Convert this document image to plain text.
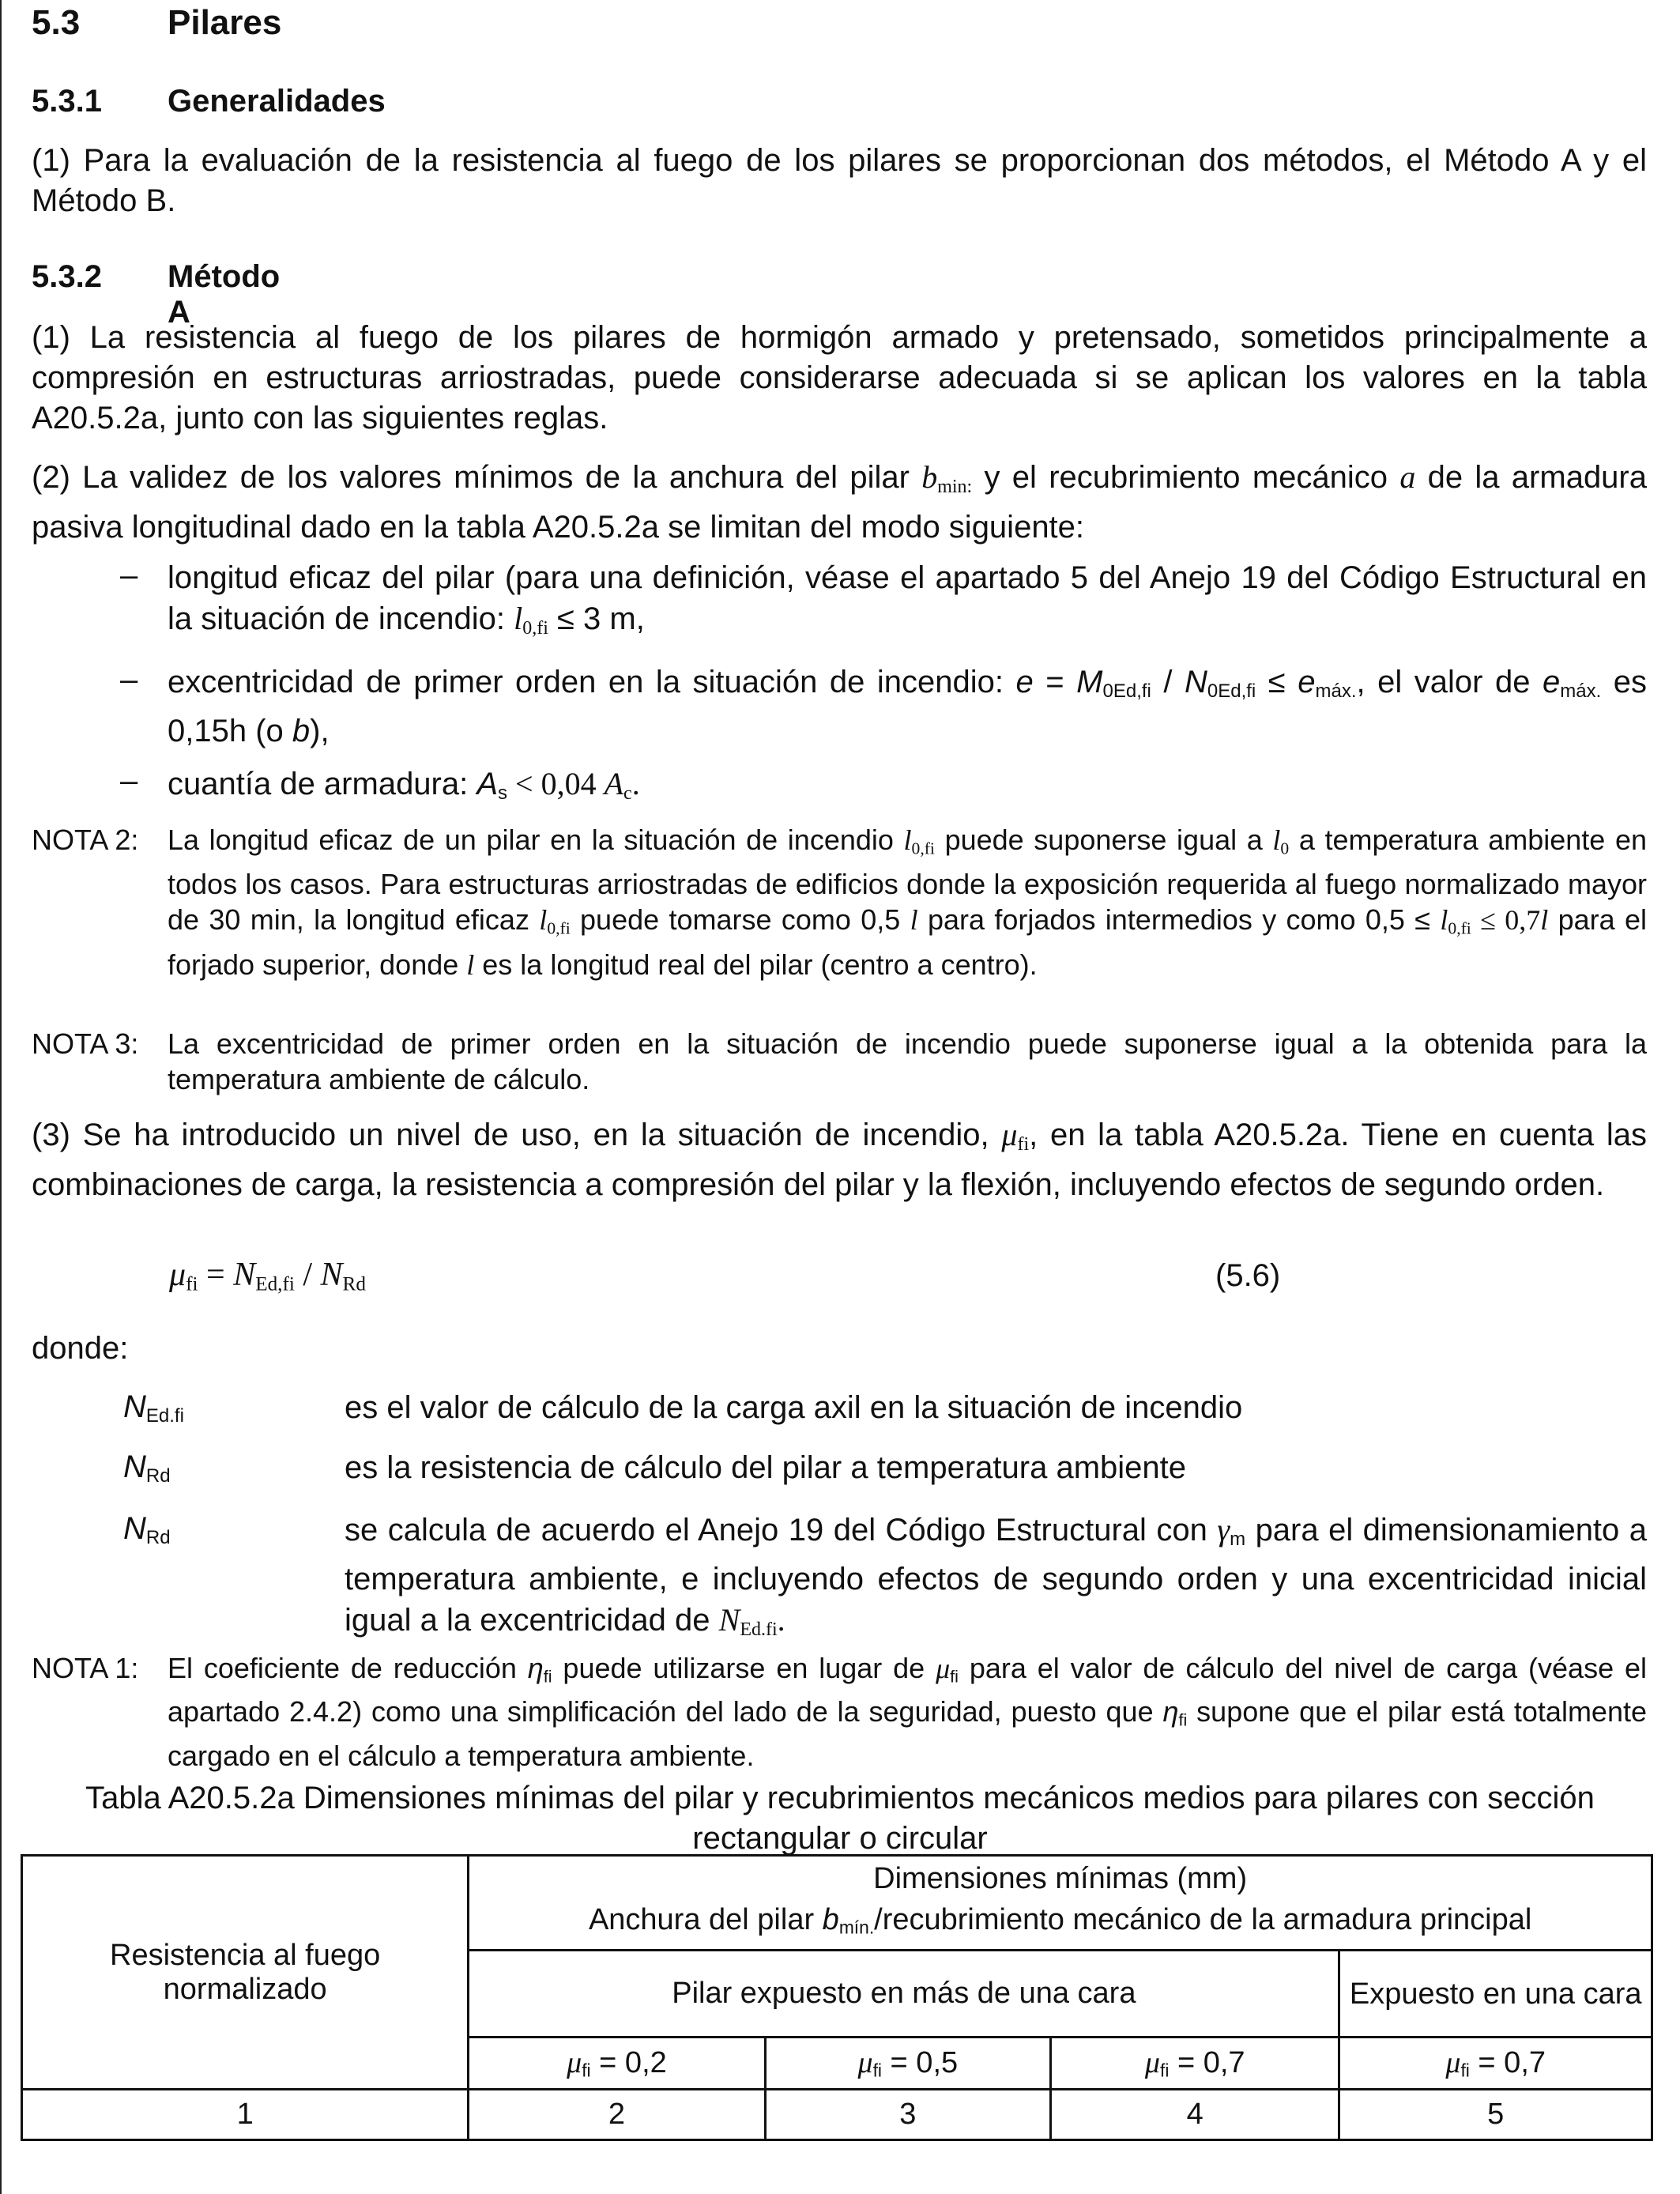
5.3	Pilares
5.3.1 Generalidades
(1) Para la evaluación de la resistencia al fuego de los pilares se proporcionan dos métodos, el Método A y el Método B.
5.3.2 Método A
(1) La resistencia al fuego de los pilares de hormigón armado y pretensado, sometidos principalmente a compresión en estructuras arriostradas, puede considerarse adecuada si se aplican los valores en la tabla A20.5.2a, junto con las siguientes reglas.
(2) La validez de los valores mínimos de la anchura del pilar $b_{min:}$ y el recubrimiento mecánico a de la armadura pasiva longitudinal dado en la tabla A20.5.2a se limitan del modo siguiente:
– longitud eficaz del pilar (para una definición, véase el apartado 5 del Anejo 19 del Código Estructural en la situación de incendio: $l_{0,fi} \le 3$ m,
– excentricidad de primer orden en la situación de incendio: $e = M_{0Ed,fi} / N_{0Ed,fi} \le e_{máx.}$, el valor de $e_{máx.}$ es 0,15h (o b),
– cuantía de armadura: $A_s < 0,04$ $A_c$.
NOTA 2: La longitud eficaz de un pilar en la situación de incendio $l_{0,fi}$ puede suponerse igual a $l_0$ a temperatura ambiente en todos los casos. Para estructuras arriostradas de edificios donde la exposición requerida al fuego normalizado mayor de 30 min, la longitud eficaz $l_{0,fi}$ puede tomarse como 0,5 l para forjados intermedios y como $0,5 \le l_{0,fi} \le 0,7l$ para el forjado superior, donde l es la longitud real del pilar (centro a centro).
NOTA 3: La excentricidad de primer orden en la situación de incendio puede suponerse igual a la obtenida para la temperatura ambiente de cálculo.
(3) Se ha introducido un nivel de uso, en la situación de incendio, $\mu_{fi}$, en la tabla A20.5.2a. Tiene en cuenta las combinaciones de carga, la resistencia a compresión del pilar y la flexión, incluyendo efectos de segundo orden.
$\mu_{fi} = N_{Ed,fi} / N_{Rd}$	(5.6)
donde:
$N_{Ed.fi}$	es el valor de cálculo de la carga axil en la situación de incendio
$N_{Rd}$	es la resistencia de cálculo del pilar a temperatura ambiente
$N_{Rd}$	se calcula de acuerdo el Anejo 19 del Código Estructural con $\gamma_m$ para el dimensionamiento a temperatura ambiente, e incluyendo efectos de segundo orden y una excentricidad inicial igual a la excentricidad de $N_{Ed.fi}$.
NOTA 1: El coeficiente de reducción $\eta_{fi}$ puede utilizarse en lugar de $\mu_{fi}$ para el valor de cálculo del nivel de carga (véase el apartado 2.4.2) como una simplificación del lado de la seguridad, puesto que $\eta_{fi}$ supone que el pilar está totalmente cargado en el cálculo a temperatura ambiente.
Tabla A20.5.2a Dimensiones mínimas del pilar y recubrimientos mecánicos medios para pilares con sección rectangular o circular
Resistencia al fuego normalizado	Dimensiones mínimas (mm)
Anchura del pilar $b_{mín.}$/recubrimiento mecánico de la armadura principal			

	Pilar expuesto en más de una cara			Expuesto en una cara
	$\mu_{fi} = 0,2$	$\mu_{fi} = 0,5$	$\mu_{fi} = 0,7$	$\mu_{fi} = 0,7$
1	2	3	4	5
